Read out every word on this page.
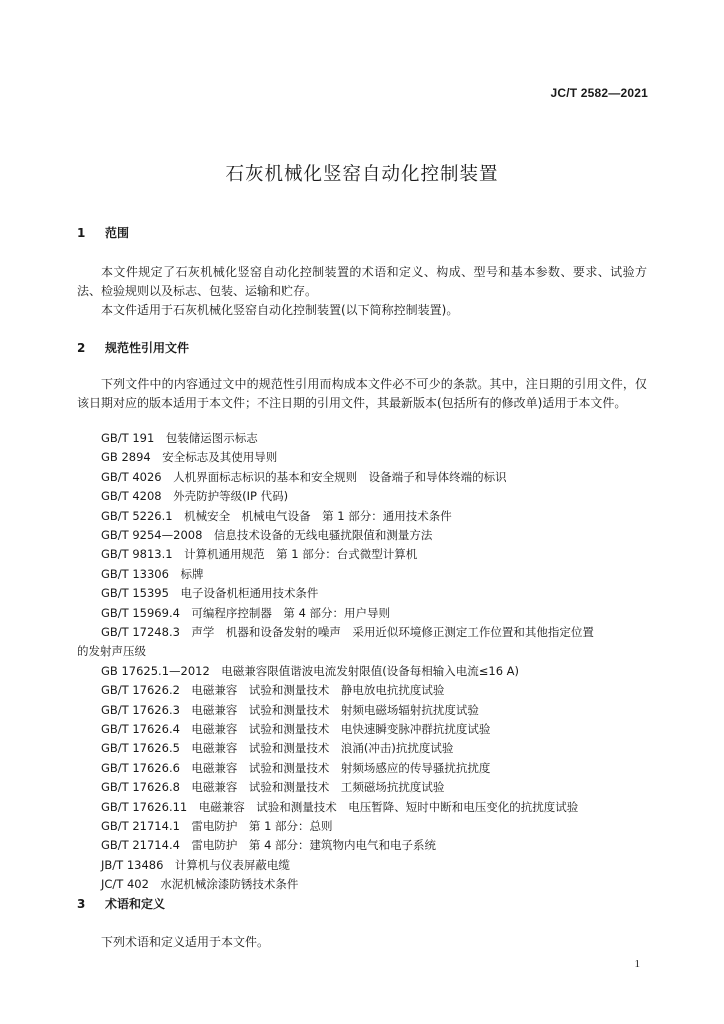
JC/T 2582—2021
石灰机械化竖窑自动化控制装置
1 范围
本文件规定了石灰机械化竖窑自动化控制装置的术语和定义、构成、型号和基本参数、要求、试验方法、检验规则以及标志、包装、运输和贮存。
本文件适用于石灰机械化竖窑自动化控制装置(以下简称控制装置)。
2 规范性引用文件
下列文件中的内容通过文中的规范性引用而构成本文件必不可少的条款。其中，注日期的引用文件，仅该日期对应的版本适用于本文件；不注日期的引用文件，其最新版本(包括所有的修改单)适用于本文件。
GB/T 191　包装储运图示标志
GB 2894　安全标志及其使用导则
GB/T 4026　人机界面标志标识的基本和安全规则　设备端子和导体终端的标识
GB/T 4208　外壳防护等级(IP 代码)
GB/T 5226.1　机械安全　机械电气设备　第 1 部分：通用技术条件
GB/T 9254—2008　信息技术设备的无线电骚扰限值和测量方法
GB/T 9813.1　计算机通用规范　第 1 部分：台式微型计算机
GB/T 13306　标牌
GB/T 15395　电子设备机柜通用技术条件
GB/T 15969.4　可编程序控制器　第 4 部分：用户导则
GB/T 17248.3　声学　机器和设备发射的噪声　采用近似环境修正测定工作位置和其他指定位置
的发射声压级
GB 17625.1—2012　电磁兼容限值谐波电流发射限值(设备每相输入电流≤16 A)
GB/T 17626.2　电磁兼容　试验和测量技术　静电放电抗扰度试验
GB/T 17626.3　电磁兼容　试验和测量技术　射频电磁场辐射抗扰度试验
GB/T 17626.4　电磁兼容　试验和测量技术　电快速瞬变脉冲群抗扰度试验
GB/T 17626.5　电磁兼容　试验和测量技术　浪涌(冲击)抗扰度试验
GB/T 17626.6　电磁兼容　试验和测量技术　射频场感应的传导骚扰抗扰度
GB/T 17626.8　电磁兼容　试验和测量技术　工频磁场抗扰度试验
GB/T 17626.11　电磁兼容　试验和测量技术　电压暂降、短时中断和电压变化的抗扰度试验
GB/T 21714.1　雷电防护　第 1 部分：总则
GB/T 21714.4　雷电防护　第 4 部分：建筑物内电气和电子系统
JB/T 13486　计算机与仪表屏蔽电缆
JC/T 402　水泥机械涂漆防锈技术条件
3 术语和定义
下列术语和定义适用于本文件。
1
